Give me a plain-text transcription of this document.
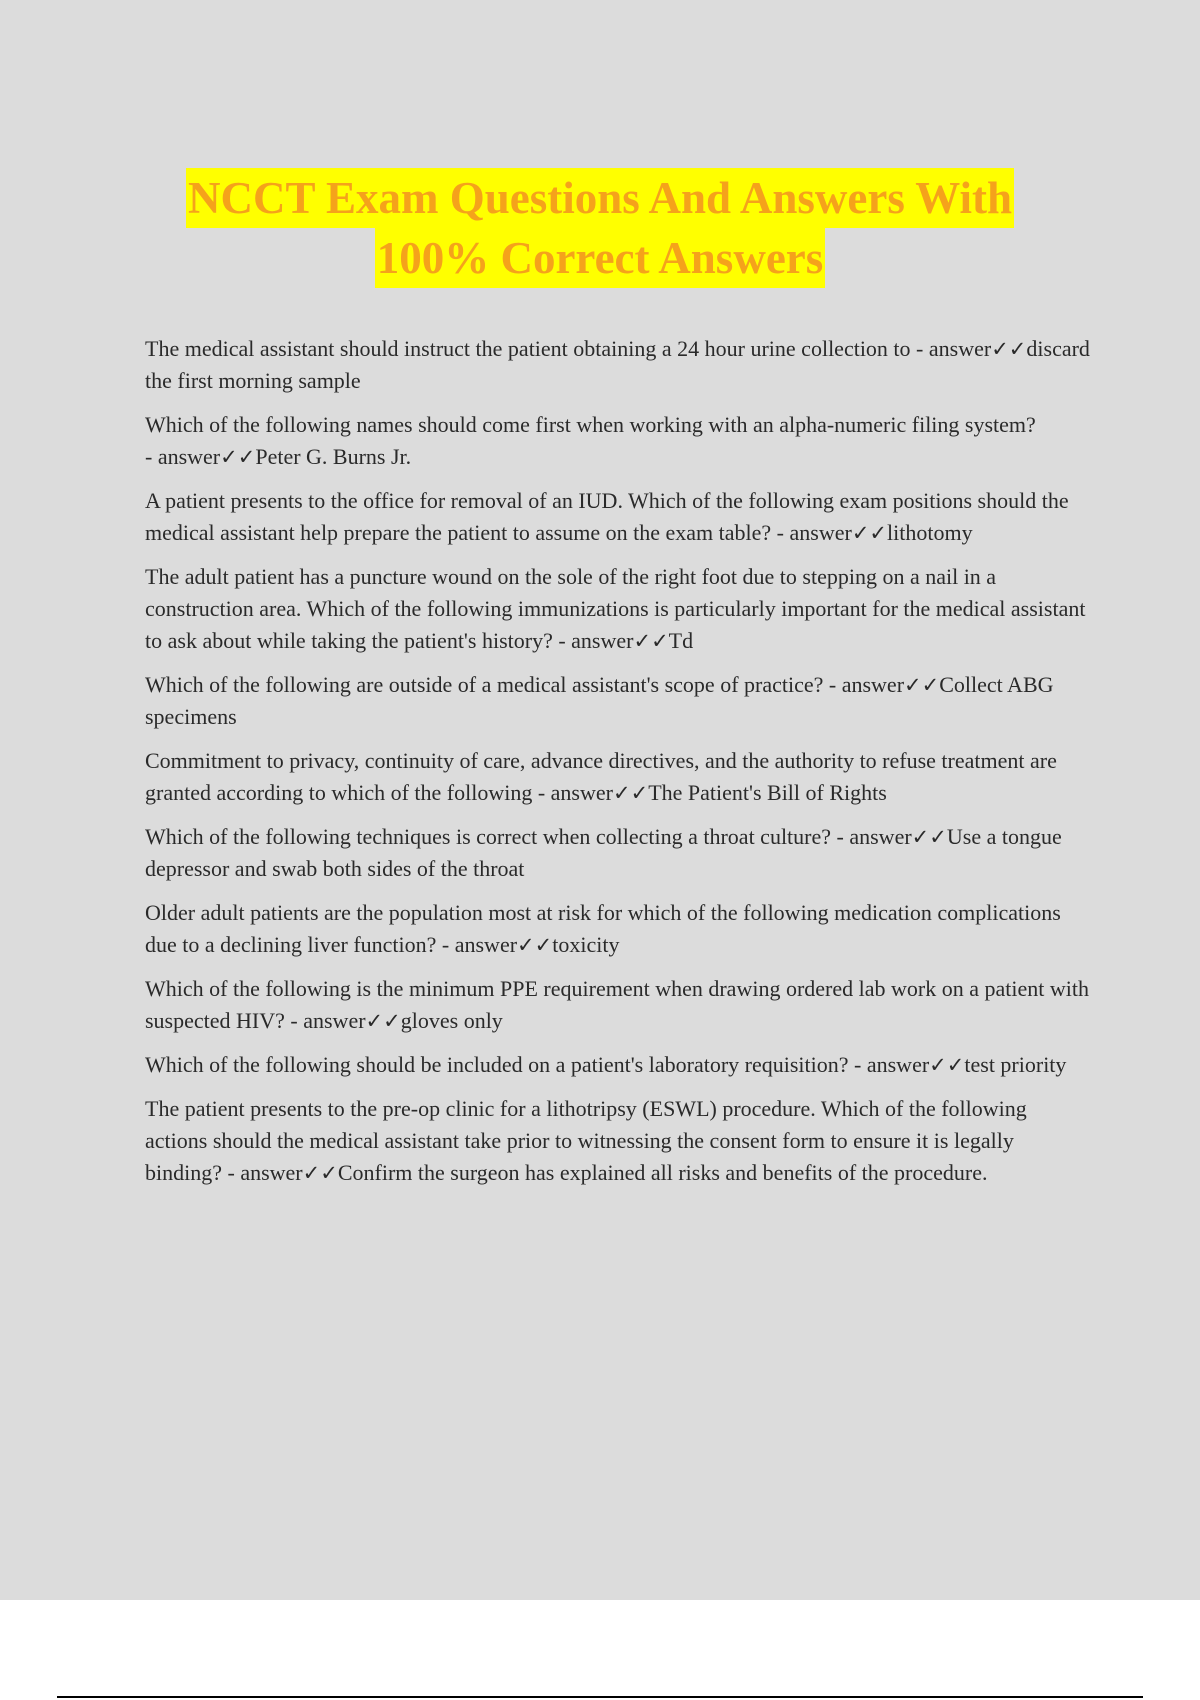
NCCT Exam Questions And Answers With
100% Correct Answers

The medical assistant should instruct the patient obtaining a 24 hour urine collection to - answer✓✓discard the first morning sample

Which of the following names should come first when working with an alpha-numeric filing system? - answer✓✓Peter G. Burns Jr.

A patient presents to the office for removal of an IUD. Which of the following exam positions should the medical assistant help prepare the patient to assume on the exam table? - answer✓✓lithotomy

The adult patient has a puncture wound on the sole of the right foot due to stepping on a nail in a construction area. Which of the following immunizations is particularly important for the medical assistant to ask about while taking the patient's history? - answer✓✓Td

Which of the following are outside of a medical assistant's scope of practice? - answer✓✓Collect ABG specimens

Commitment to privacy, continuity of care, advance directives, and the authority to refuse treatment are granted according to which of the following - answer✓✓The Patient's Bill of Rights

Which of the following techniques is correct when collecting a throat culture? - answer✓✓Use a tongue depressor and swab both sides of the throat

Older adult patients are the population most at risk for which of the following medication complications due to a declining liver function? - answer✓✓toxicity

Which of the following is the minimum PPE requirement when drawing ordered lab work on a patient with suspected HIV? - answer✓✓gloves only

Which of the following should be included on a patient's laboratory requisition? - answer✓✓test priority

The patient presents to the pre-op clinic for a lithotripsy (ESWL) procedure. Which of the following actions should the medical assistant take prior to witnessing the consent form to ensure it is legally binding? - answer✓✓Confirm the surgeon has explained all risks and benefits of the procedure.
